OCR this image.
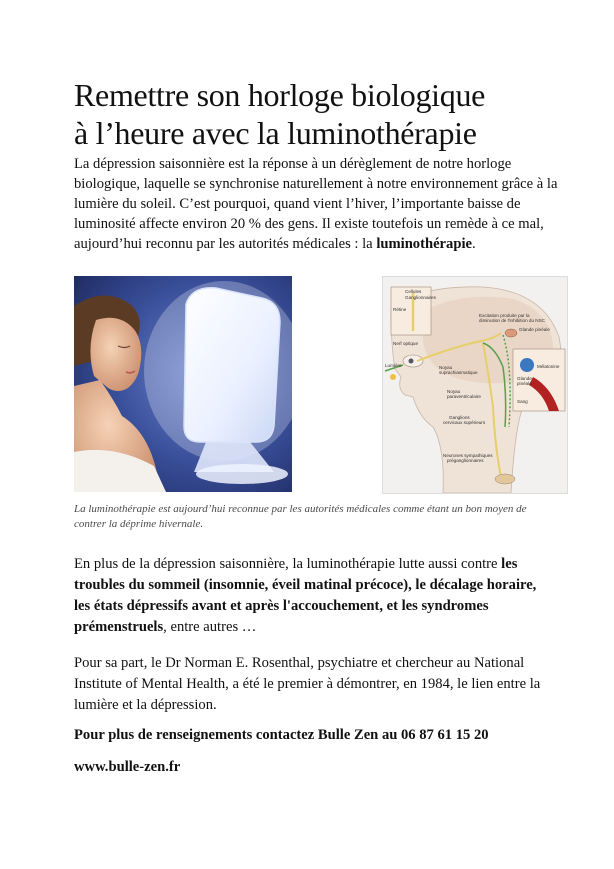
Remettre son horloge biologique
à l’heure avec la luminothérapie

La dépression saisonnière est la réponse à un dérèglement de notre horloge biologique, laquelle se synchronise naturellement à notre environnement grâce à la lumière du soleil. C’est pourquoi, quand vient l’hiver, l’importante baisse de luminosité affecte environ 20 % des gens. Il existe toutefois un remède à ce mal, aujourd’hui reconnu par les autorités médicales : la luminothérapie.

Cellules
Ganglionnaires
Rétine
Nerf optique
Excitation produite par la
diminution de l'inhibition du NSC
Glande pinéale
Lumière	Noyau
suprachiasmatique
Noyau
paraventriculaire
Mélatonine
Glande
pinéale
Sang
Ganglions
cervicaux supérieurs
Neurones sympathiques
préganglionnaires

La luminothérapie est aujourd’hui reconnue par les autorités médicales comme étant un bon moyen de contrer la déprime hivernale.

En plus de la dépression saisonnière, la luminothérapie lutte aussi contre les troubles du sommeil (insomnie, éveil matinal précoce), le décalage horaire, les états dépressifs avant et après l'accouchement, et les syndromes prémenstruels, entre autres …

Pour sa part, le Dr Norman E. Rosenthal, psychiatre et chercheur au National Institute of Mental Health, a été le premier à démontrer, en 1984, le lien entre la lumière et la dépression.

Pour plus de renseignements contactez Bulle Zen au 06 87 61 15 20

www.bulle-zen.fr
